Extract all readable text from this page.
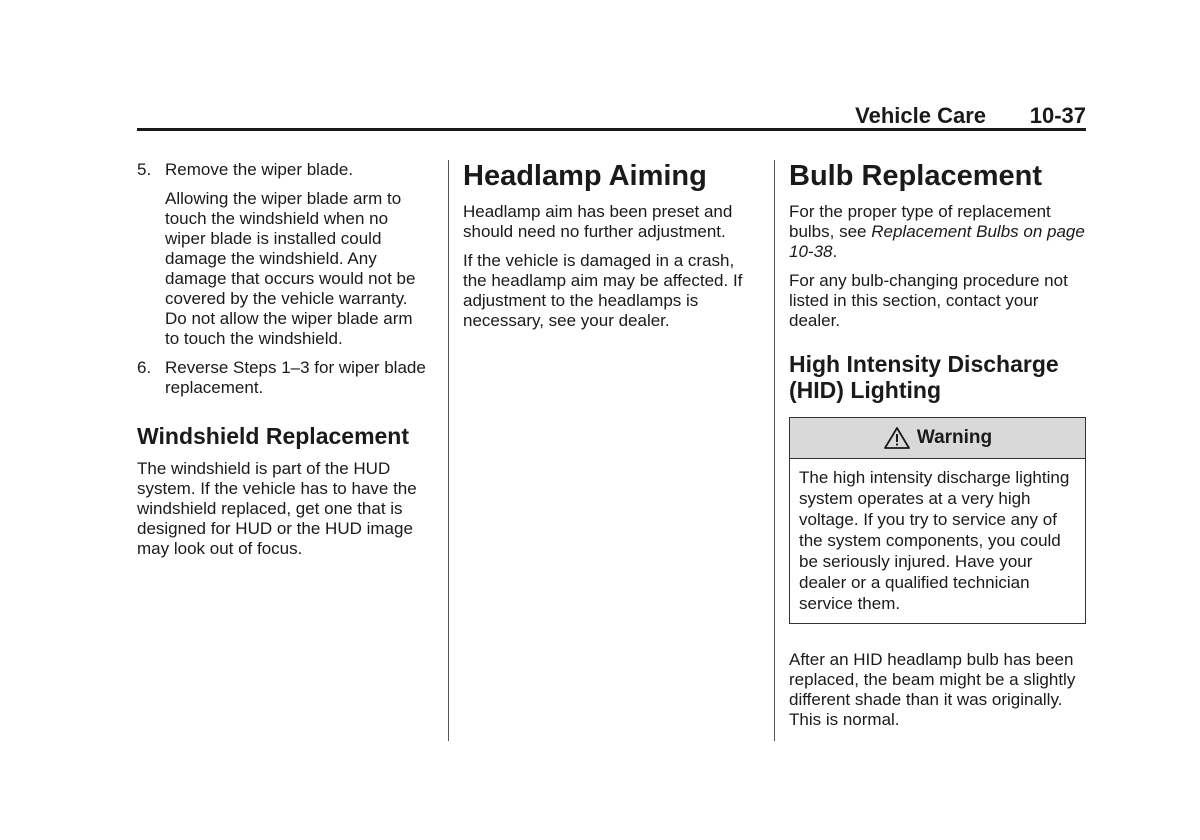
Vehicle Care 10-37
5. Remove the wiper blade.

Allowing the wiper blade arm to touch the windshield when no wiper blade is installed could damage the windshield. Any damage that occurs would not be covered by the vehicle warranty. Do not allow the wiper blade arm to touch the windshield.

6. Reverse Steps 1–3 for wiper blade replacement.
Windshield Replacement

The windshield is part of the HUD system. If the vehicle has to have the windshield replaced, get one that is designed for HUD or the HUD image may look out of focus.

Headlamp Aiming

Headlamp aim has been preset and should need no further adjustment.

If the vehicle is damaged in a crash, the headlamp aim may be affected. If adjustment to the headlamps is necessary, see your dealer.

Bulb Replacement

For the proper type of replacement bulbs, see Replacement Bulbs on page 10-38.

For any bulb-changing procedure not listed in this section, contact your dealer.

High Intensity Discharge (HID) Lighting
Warning
The high intensity discharge lighting system operates at a very high voltage. If you try to service any of the system components, you could be seriously injured. Have your dealer or a qualified technician service them.

After an HID headlamp bulb has been replaced, the beam might be a slightly different shade than it was originally. This is normal.
